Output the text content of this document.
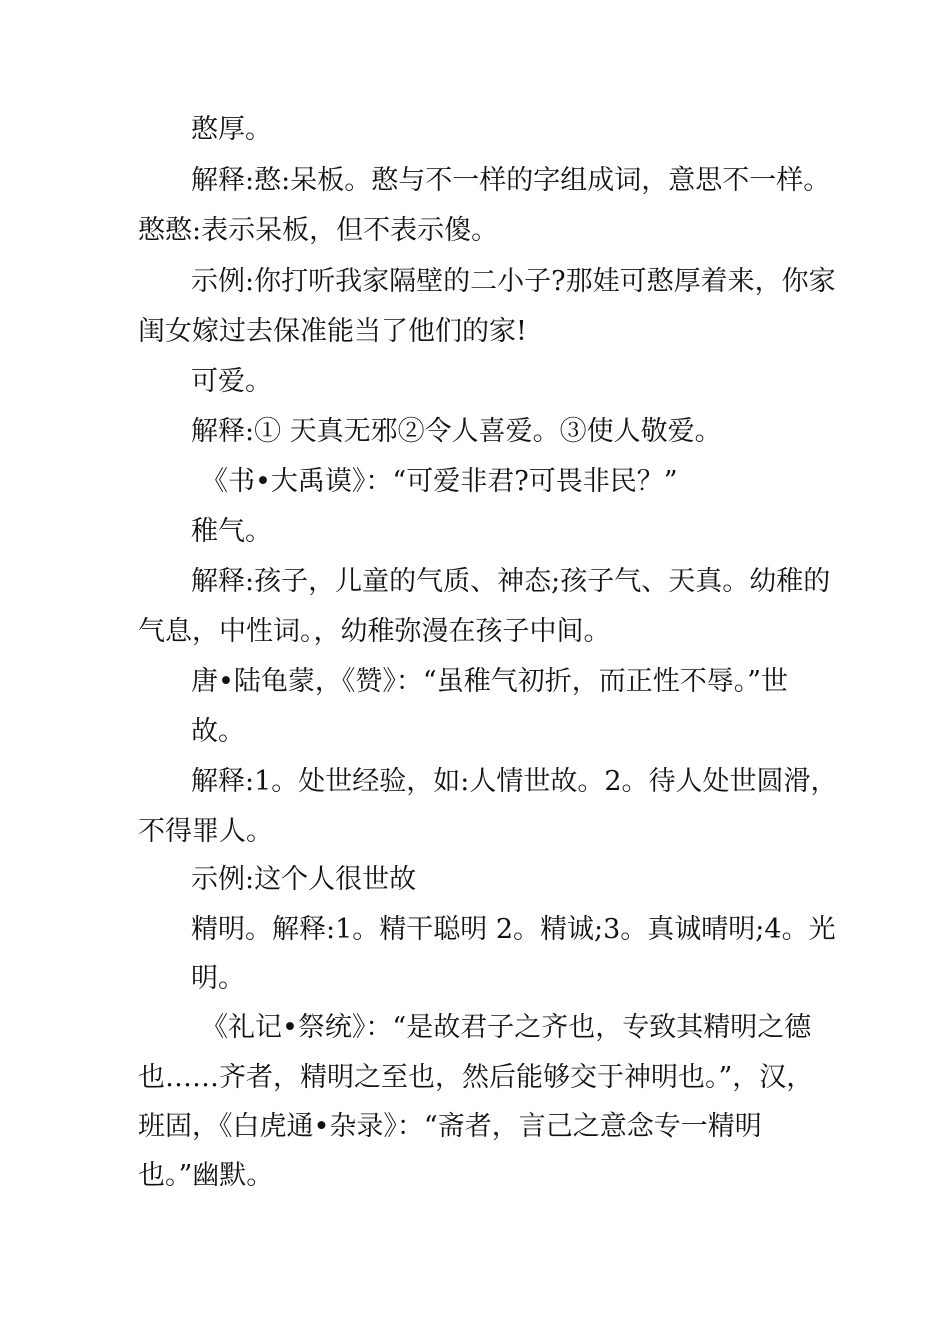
憨厚。
解释:憨:呆板。憨与不一样的字组成词，意思不一样。
憨憨:表示呆板，但不表示傻。
示例:你打听我家隔壁的二小子?那娃可憨厚着来，你家
闺女嫁过去保准能当了他们的家!
可爱。
解释:① 天真无邪②令人喜爱。③使人敬爱。
《书•大禹谟》：“可爱非君?可畏非民？”
稚气。
解释:孩子，儿童的气质、神态;孩子气、天真。幼稚的
气息，中性词。，幼稚弥漫在孩子中间。
唐•陆龟蒙，《赞》：“虽稚气初折，而正性不辱。”世
故。
解释:1。处世经验，如:人情世故。2。待人处世圆滑，
不得罪人。
示例:这个人很世故
精明。解释:1。精干聪明 2。精诚;3。真诚晴明;4。光
明。
《礼记•祭统》：“是故君子之齐也，专致其精明之德
也……齐者，精明之至也，然后能够交于神明也。”，汉，
班固，《白虎通•杂录》：“斋者，言己之意念专一精明
也。”幽默。
